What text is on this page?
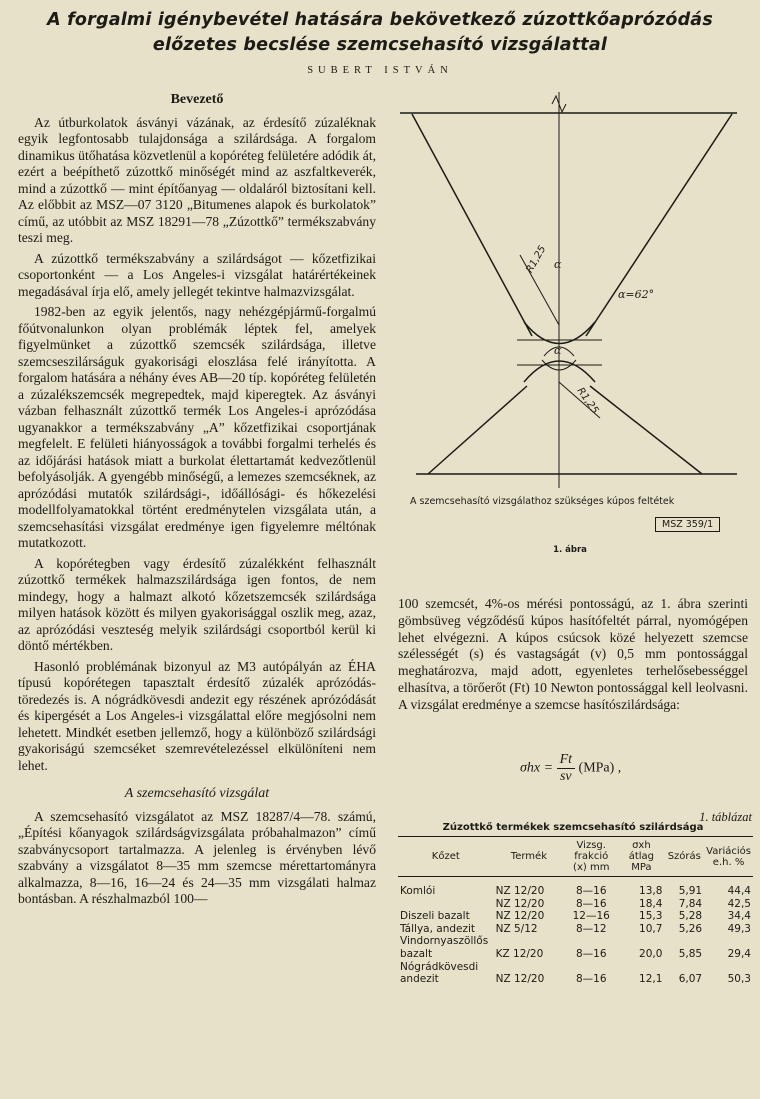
A forgalmi igénybevétel hatására bekövetkező zúzottkőaprózódás
előzetes becslése szemcsehasító vizsgálattal
SUBERT ISTVÁN
Bevezető

Az útburkolatok ásványi vázának, az érdesítő zúzaléknak egyik legfontosabb tulajdonsága a szilárdsága. A forgalom dinamikus ütőhatása közvetlenül a kopóréteg felületére adódik át, ezért a beépíthető zúzottkő minőségét mind az aszfaltkeverék, mind a zúzottkő — mint építőanyag — oldaláról biztosítani kell. Az előbbit az MSZ—07 3120 „Bitumenes alapok és burkolatok” című, az utóbbit az MSZ 18291—78 „Zúzottkő” termékszabvány teszi meg.

A zúzottkő termékszabvány a szilárdságot — kőzetfizikai csoportonként — a Los Angeles-i vizsgálat határértékeinek megadásával írja elő, amely jellegét tekintve halmazvizsgálat.

1982-ben az egyik jelentős, nagy nehézgépjármű-forgalmú főútvonalunkon olyan problémák léptek fel, amelyek figyelmünket a zúzottkő szemcsék szilárdsága, illetve szemcseszilárságuk gyakorisági eloszlása felé irányította. A forgalom hatására a néhány éves AB—20 típ. kopóréteg felületén a zúzalékszemcsék megrepedtek, majd kiperegtek. Az ásványi vázban felhasznált zúzottkő termék Los Angeles-i aprózódása ugyanakkor a termékszabvány „A” kőzetfizikai csoportjának megfelelt. E felületi hiányosságok a további forgalmi terhelés és az időjárási hatások miatt a burkolat élettartamát kedvezőtlenül befolyásolják. A gyengébb minőségű, a lemezes szemcséknek, az aprózódási mutatók szilárdsági-, időállósági- és hőkezelési modellfolyamatokkal történt eredménytelen vizsgálata után, a szemcsehasítási vizsgálat eredménye igen figyelemre méltónak mutatkozott.

A kopórétegben vagy érdesítő zúzalékként felhasznált zúzottkő termékek halmazszilárdsága igen fontos, de nem mindegy, hogy a halmazt alkotó kőzetszemcsék szilárdsága milyen hatások között és milyen gyakorisággal oszlik meg, azaz, az aprózódási veszteség melyik szilárdsági csoportból kerül ki döntő mértékben.

Hasonló problémának bizonyul az M3 autópályán az ÉHA típusú kopórétegen tapasztalt érdesítő zúzalék aprózódás-töredezés is. A nógrádkövesdi andezit egy részének aprózódását és kipergését a Los Angeles-i vizsgálattal előre megjósolni nem lehetett. Mindkét esetben jellemző, hogy a különböző szilárdsági gyakoriságú szemcséket szemrevételezéssel elkülöníteni nem lehet.

A szemcsehasító vizsgálat

A szemcsehasító vizsgálatot az MSZ 18287/4—78. számú, „Építési kőanyagok szilárdságvizsgálata próbahalmazon” című szabványcsoport tartalmazza. A jelenleg is érvényben lévő szabvány a vizsgálatot 8—35 mm szemcse mérettartományra alkalmazza, 8—16, 16—24 és 24—35 mm vizsgálati halmaz bontásban. A részhalmazból 100—

R1,25 α
α=62°
α
R1,25
A szemcsehasító vizsgálathoz szükséges kúpos feltétek
MSZ 359/1
1. ábra

100 szemcsét, 4%-os mérési pontosságú, az 1. ábra szerinti gömbsüveg végződésű kúpos hasítófeltét párral, nyomógépen lehet elvégezni. A kúpos csúcsok közé helyezett szemcse szélességét (s) és vastagságát (v) 0,5 mm pontossággal meghatározva, majd adott, egyenletes terhelősebességgel elhasítva, a törőerőt (Ft) 10 Newton pontossággal kell leolvasni. A vizsgálat eredménye a szemcse hasítószilárdsága:

$\sigma hx = \frac{Ft}{sv} (MPa)$ ,
1. táblázat
Zúzottkő termékek szemcsehasító szilárdsága
Kőzet	Termék	Vizsg. frakció (x) mm	σxh átlag MPa	Szórás	Variációs e.h. %
Komlói	NZ 12/20	8—16	13,8	5,91	44,4
	NZ 12/20	8—16	18,4	7,84	42,5
Diszeli bazalt	NZ 12/20	12—16	15,3	5,28	34,4
Tállya, andezit	NZ 5/12	8—12	10,7	5,26	49,3
Vindornyaszöllős bazalt	KZ 12/20	8—16	20,0	5,85	29,4
Nógrádkövesdi andezit	NZ 12/20	8—16	12,1	6,07	50,3
